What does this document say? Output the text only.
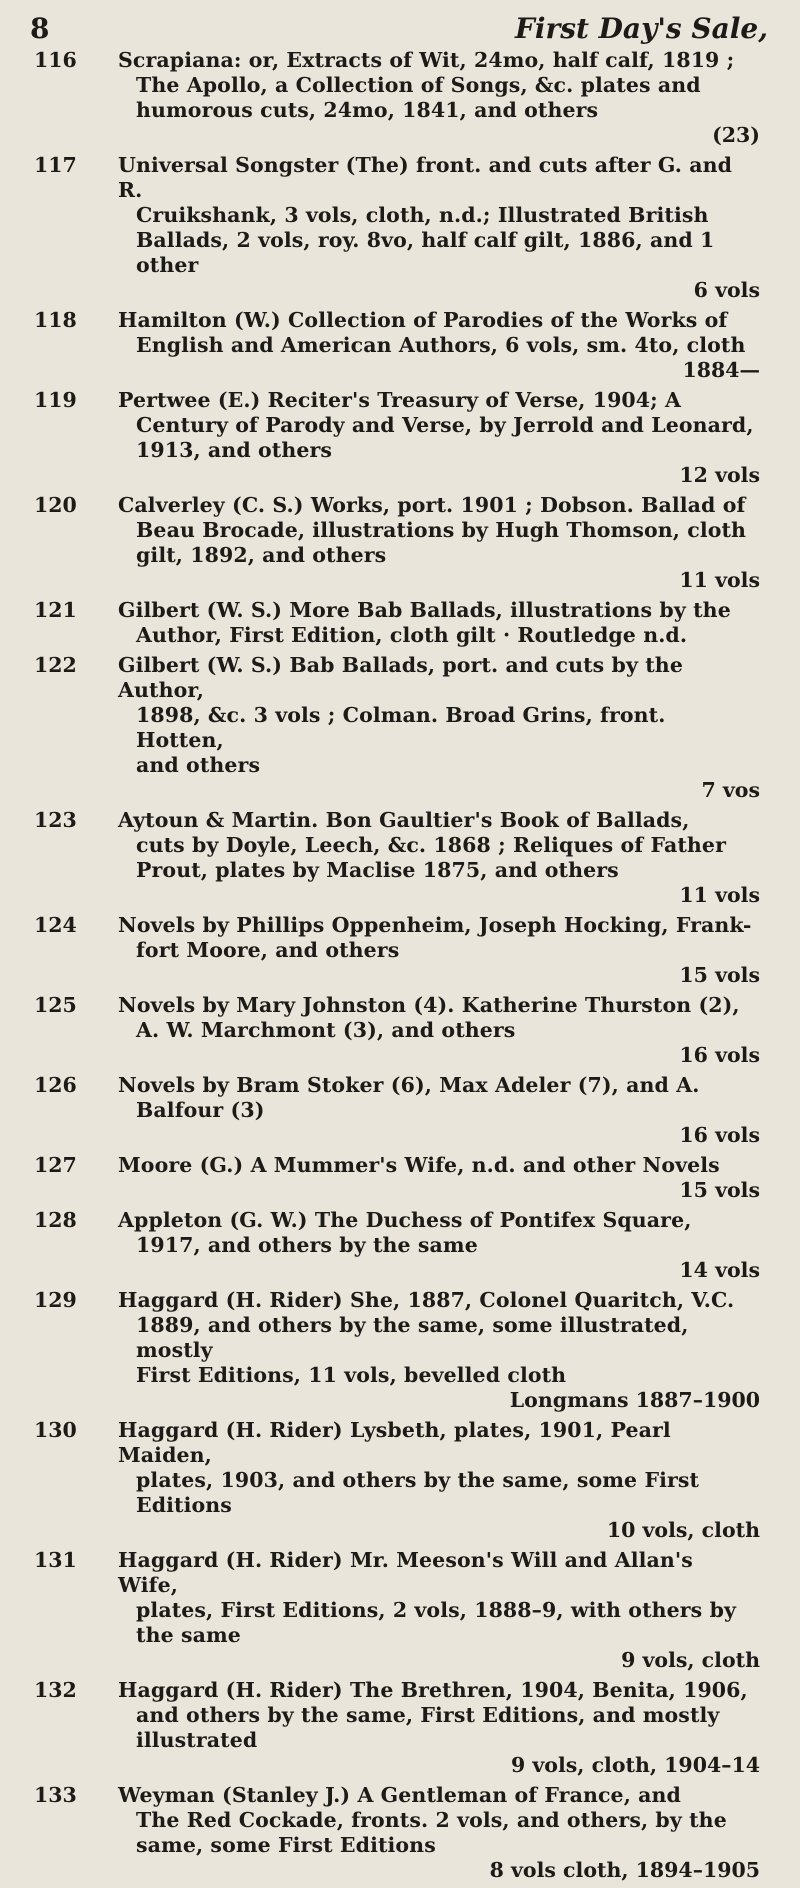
8	First Day's Sale,
116 Scrapiana: or, Extracts of Wit, 24mo, half calf, 1819 ;
The Apollo, a Collection of Songs, &c. plates and
humorous cuts, 24mo, 1841, and others
(23)
117 Universal Songster (The) front. and cuts after G. and R.
Cruikshank, 3 vols, cloth, n.d.; Illustrated British
Ballads, 2 vols, roy. 8vo, half calf gilt, 1886, and 1 other
6 vols
118 Hamilton (W.) Collection of Parodies of the Works of
English and American Authors, 6 vols, sm. 4to, cloth
1884—
119 Pertwee (E.) Reciter's Treasury of Verse, 1904; A
Century of Parody and Verse, by Jerrold and Leonard,
1913, and others
12 vols
120 Calverley (C. S.) Works, port. 1901 ; Dobson. Ballad of
Beau Brocade, illustrations by Hugh Thomson, cloth
gilt, 1892, and others
11 vols
121 Gilbert (W. S.) More Bab Ballads, illustrations by the
Author, First Edition, cloth gilt · Routledge n.d.
122 Gilbert (W. S.) Bab Ballads, port. and cuts by the Author,
1898, &c. 3 vols ; Colman. Broad Grins, front. Hotten,
and others
7 vos
123 Aytoun & Martin. Bon Gaultier's Book of Ballads,
cuts by Doyle, Leech, &c. 1868 ; Reliques of Father
Prout, plates by Maclise 1875, and others
11 vols
124 Novels by Phillips Oppenheim, Joseph Hocking, Frank-
fort Moore, and others
15 vols
125 Novels by Mary Johnston (4). Katherine Thurston (2),
A. W. Marchmont (3), and others
16 vols
126 Novels by Bram Stoker (6), Max Adeler (7), and A.
Balfour (3)
16 vols
127 Moore (G.) A Mummer's Wife, n.d. and other Novels
15 vols
128 Appleton (G. W.) The Duchess of Pontifex Square,
1917, and others by the same
14 vols
129 Haggard (H. Rider) She, 1887, Colonel Quaritch, V.C.
1889, and others by the same, some illustrated, mostly
First Editions, 11 vols, bevelled cloth
Longmans 1887–1900
130 Haggard (H. Rider) Lysbeth, plates, 1901, Pearl Maiden,
plates, 1903, and others by the same, some First Editions
10 vols, cloth
131 Haggard (H. Rider) Mr. Meeson's Will and Allan's Wife,
plates, First Editions, 2 vols, 1888–9, with others by
the same
9 vols, cloth
132 Haggard (H. Rider) The Brethren, 1904, Benita, 1906,
and others by the same, First Editions, and mostly
illustrated
9 vols, cloth, 1904–14
133 Weyman (Stanley J.) A Gentleman of France, and
The Red Cockade, fronts. 2 vols, and others, by the
same, some First Editions
8 vols cloth, 1894–1905
